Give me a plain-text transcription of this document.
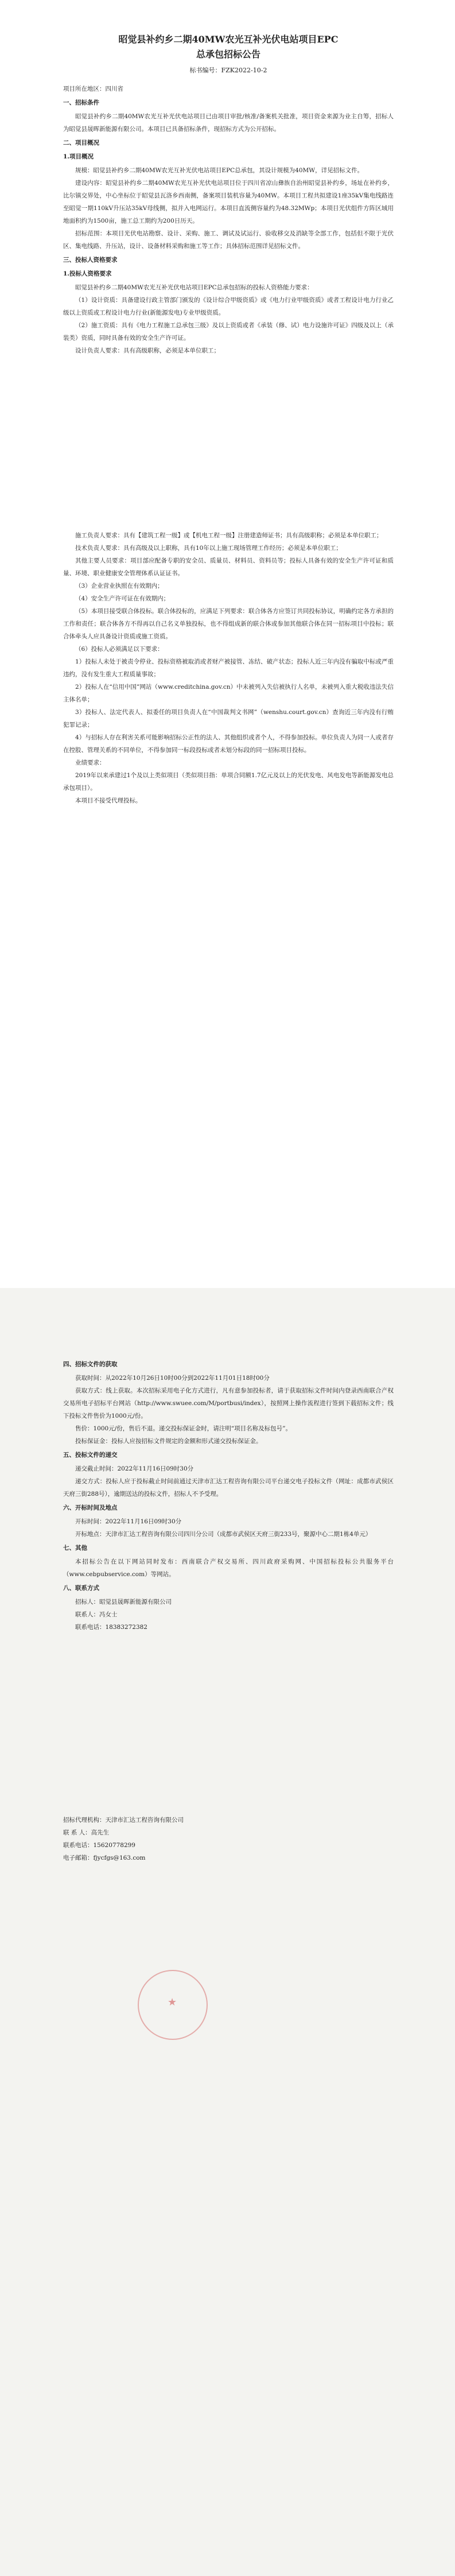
昭觉县补约乡二期40MW农光互补光伏电站项目EPC

总承包招标公告

标书编号：FZK2022-10-2

项目所在地区：四川省

一、招标条件

昭觉县补约乡二期40MW农光互补光伏电站项目已由项目审批/核准/备案机关批准，项目资金来源为业主自筹，招标人为昭觉县晟晖新能源有限公司。本项目已具备招标条件，现招标方式为公开招标。

二、项目概况

1.项目概况

规模：昭觉县补约乡二期40MW农光互补光伏电站项目EPC总承包，其设计规模为40MW，详见招标文件。

建设内容：昭觉县补约乡二期40MW农光互补光伏电站项目位于四川省凉山彝族自治州昭觉县补约乡，场址在补约乡，比尔镇交界处，中心坐标位于昭觉县瓦洛乡西南侧，备案项目装机容量为40MW。本项目工程共拟建设1座35kV集电线路连至昭觉一期110kV升压站35kV母线侧，拟并入电网运行。本项目直流侧容量约为48.32MWp；本项目光伏组件方阵区域用地面积约为1500亩，施工总工期约为200日历天。

招标范围：本项目光伏电站勘察、设计、采购、施工、调试及试运行、验收移交及消缺等全部工作，包括但不限于光伏区、集电线路、升压站，设计、设备材料采购和施工等工作；具体招标范围详见招标文件。

三、投标人资格要求

1.投标人资格要求

昭觉县补约乡二期40MW农光互补光伏电站项目EPC总承包招标的投标人资格能力要求：

（1）设计资质：具备建设行政主管部门颁发的《设计综合甲级资质》或《电力行业甲级资质》或者工程设计电力行业乙级以上资质或工程设计电力行业(新能源发电)专业甲级资质。

（2）施工资质：具有《电力工程施工总承包三级》及以上资质或者《承装（修、试）电力设施许可证》四级及以上（承装类）资质，同时具备有效的安全生产许可证。

设计负责人要求：具有高级职称，必须是本单位职工；

施工负责人要求：具有【建筑工程一级】或【机电工程一级】注册建造师证书；具有高级职称；必须是本单位职工；

技术负责人要求：具有高级及以上职称，具有10年以上施工现场管理工作经历；必须是本单位职工；

其他主要人员要求：项目部应配备专职的安全员、质量员、材料员、资料员等；投标人具备有效的安全生产许可证和质量、环境、职业健康安全管理体系认证证书。

（3）企业营业执照在有效期内；

（4）安全生产许可证在有效期内；

（5）本项目接受联合体投标。联合体投标的，应满足下列要求：联合体各方应签订共同投标协议，明确约定各方承担的工作和责任；联合体各方不得再以自己名义单独投标，也不得组成新的联合体或参加其他联合体在同一招标项目中投标；联合体牵头人应具备设计资质或施工资质。

（6）投标人必须满足以下要求：

1）投标人未处于被责令停业、投标资格被取消或者财产被接管、冻结、破产状态；投标人近三年内没有骗取中标或严重违约，没有发生重大工程质量事故；

2）投标人在“信用中国”网站（www.creditchina.gov.cn）中未被列入失信被执行人名单，未被列入重大税收违法失信主体名单；

3）投标人、法定代表人、拟委任的项目负责人在“中国裁判文书网”（wenshu.court.gov.cn）查询近三年内没有行贿犯罪记录；

4）与招标人存在利害关系可能影响招标公正性的法人、其他组织或者个人，不得参加投标。单位负责人为同一人或者存在控股、管理关系的不同单位，不得参加同一标段投标或者未划分标段的同一招标项目投标。

业绩要求：

2019年以来承建过1个及以上类似项目（类似项目指：单项合同额1.7亿元及以上的光伏发电、风电发电等新能源发电总承包项目）。

本项目不接受代理投标。

四、招标文件的获取

获取时间：从2022年10月26日10时00分到2022年11月01日18时00分

获取方式：线上获取。本次招标采用电子化方式进行，凡有意参加投标者，请于获取招标文件时间内登录西南联合产权交易所电子招标平台网站（http://www.swuee.com/M/portbusi/index），按照网上操作流程进行签到下载招标文件；线下投标文件售价为1000元/份。

售价：1000元/份，售后不退。递交投标保证金时，请注明“项目名称及标包号”。

投标保证金：投标人应按招标文件规定的金额和形式递交投标保证金。

五、投标文件的递交

递交截止时间：2022年11月16日09时30分

递交方式：投标人应于投标截止时间前通过天津市汇达工程咨询有限公司平台递交电子投标文件（网址：成都市武侯区天府三街288号），逾期送达的投标文件，招标人不予受理。

六、开标时间及地点

开标时间：2022年11月16日09时30分

开标地点：天津市汇达工程咨询有限公司四川分公司（成都市武侯区天府三街233号，聚源中心二期1栋4单元）

七、其他

本招标公告在以下网站同时发布：西南联合产权交易所、四川政府采购网、中国招标投标公共服务平台（www.cebpubservice.com）等网站。

八、联系方式

招标人：昭觉县晟晖新能源有限公司

联系人：冯女士

联系电话：18383272382

招标代理机构：天津市汇达工程咨询有限公司

联 系 人：高先生

联系电话：15620778299

电子邮箱：fjycfgs@163.com

★
